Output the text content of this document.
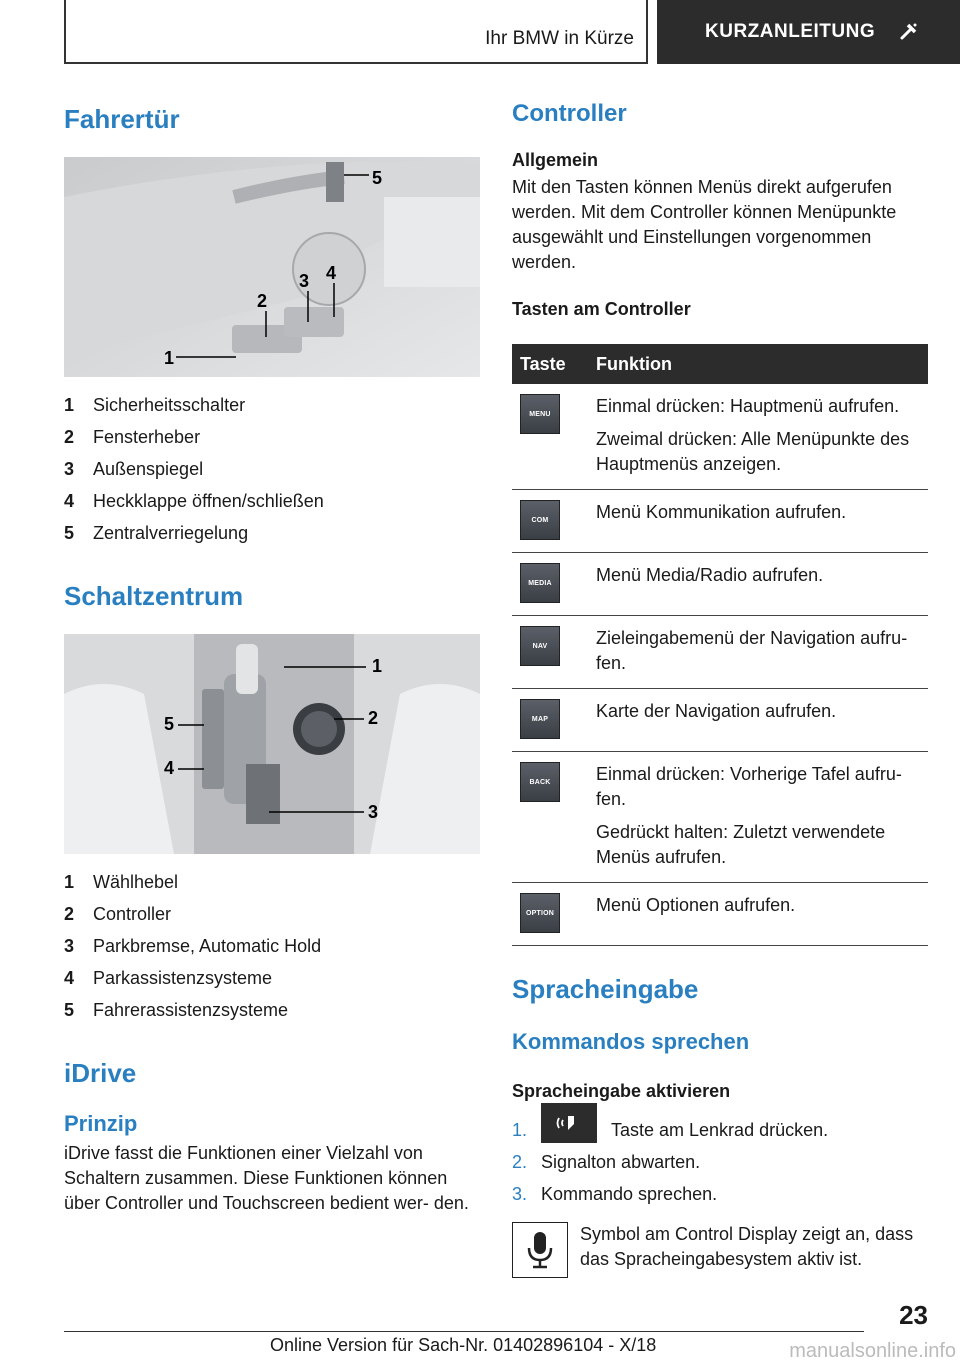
Ihr BMW in Kürze	KURZANLEITUNG
Fahrertür
5
2
3 4
1
1	Sicherheitsschalter
2	Fensterheber
3	Außenspiegel
4	Heckklappe öffnen/schließen
5	Zentralverriegelung
Schaltzentrum
1
2
3
5
4
1	Wählhebel
2	Controller
3	Parkbremse, Automatic Hold
4	Parkassistenzsysteme
5	Fahrerassistenzsysteme
iDrive
Prinzip

iDrive fasst die Funktionen einer Vielzahl von Schaltern zusammen. Diese Funktionen können über Controller und Touchscreen bedient wer‐ den.

Controller
Allgemein

Mit den Tasten können Menüs direkt aufgerufen werden. Mit dem Controller können Menüpunkte ausgewählt und Einstellungen vorgenommen werden.

Tasten am Controller
Taste	Funktion

MENU	Einmal drücken: Hauptmenü aufrufen.

Zweimal drücken: Alle Menüpunkte des Hauptmenüs anzeigen.

COM	Menü Kommunikation aufrufen.

MEDIA	Menü Media/Radio aufrufen.

NAV	Zieleingabemenü der Navigation aufru‐ fen.

MAP	Karte der Navigation aufrufen.

BACK	Einmal drücken: Vorherige Tafel aufru‐ fen.

Gedrückt halten: Zuletzt verwendete Menüs aufrufen.

OPTION	Menü Optionen aufrufen.

Spracheingabe
Kommandos sprechen
Spracheingabe aktivieren
1.	Taste am Lenkrad drücken.
2. Signalton abwarten.
3. Kommando sprechen.

Symbol am Control Display zeigt an, dass das Spracheingabesystem aktiv ist.

23
Online Version für Sach-Nr. 01402896104 - X/18	manualsonline.info
